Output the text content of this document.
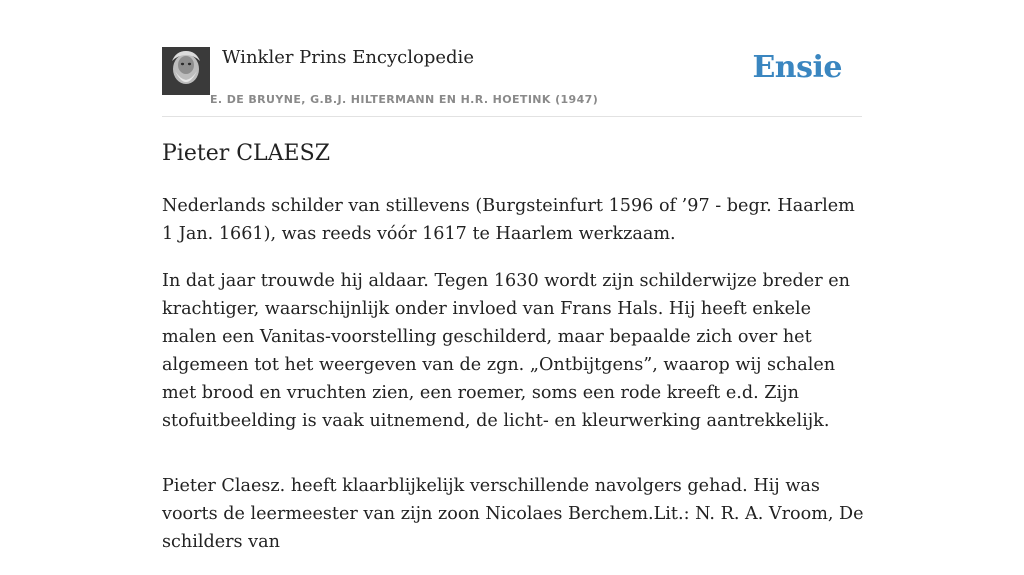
Winkler Prins Encyclopedie
E. DE BRUYNE, G.B.J. HILTERMANN EN H.R. HOETINK (1947)
Ensie
Pieter CLAESZ

Nederlands schilder van stillevens (Burgsteinfurt 1596 of ’97 - begr. Haarlem 1 Jan. 1661), was reeds vóór 1617 te Haarlem werkzaam.

In dat jaar trouwde hij aldaar. Tegen 1630 wordt zijn schilderwijze breder en krachtiger, waarschijnlijk onder invloed van Frans Hals. Hij heeft enkele malen een Vanitas-voorstelling geschilderd, maar bepaalde zich over het algemeen tot het weergeven van de zgn. „Ontbijtgens”, waarop wij schalen met brood en vruchten zien, een roemer, soms een rode kreeft e.d. Zijn stofuitbeelding is vaak uitnemend, de licht- en kleurwerking aantrekkelijk.

Pieter Claesz. heeft klaarblijkelijk verschillende navolgers gehad. Hij was voorts de leermeester van zijn zoon Nicolaes Berchem.Lit.: N. R. A. Vroom, De schilders van
